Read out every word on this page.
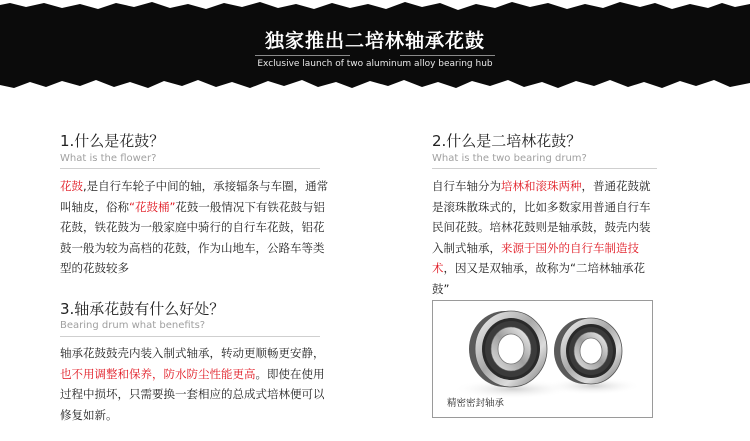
独家推出二培林轴承花鼓
Exclusive launch of two aluminum alloy bearing hub
1.什么是花鼓？
What is the flower?
花鼓,是自行车轮子中间的轴，承接辐条与车圈，通常叫轴皮，俗称“花鼓桶”花鼓一般情况下有铁花鼓与铝花鼓，铁花鼓为一般家庭中骑行的自行车花鼓，铝花鼓一般为较为高档的花鼓，作为山地车，公路车等类型的花鼓较多
3.轴承花鼓有什么好处？
Bearing drum what benefits?
轴承花鼓鼓壳内装入制式轴承，转动更顺畅更安静，也不用调整和保养，防水防尘性能更高。即使在使用过程中损坏，只需要换一套相应的总成式培林便可以修复如新。
2.什么是二培林花鼓？
What is the two bearing drum?
自行车轴分为培林和滚珠两种，普通花鼓就是滚珠散珠式的，比如多数家用普通自行车民间花鼓。培林花鼓则是轴承鼓，鼓壳内装入制式轴承，来源于国外的自行车制造技术，因又是双轴承，故称为“二培林轴承花鼓”
精密密封轴承
